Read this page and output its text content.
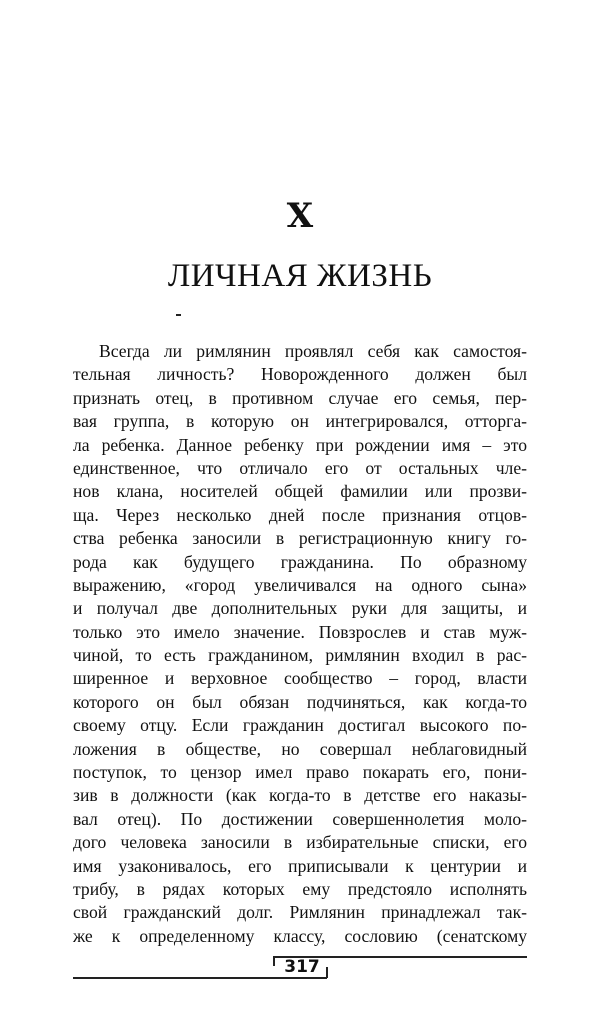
X
ЛИЧНАЯ ЖИЗНЬ
Всегда ли римлянин проявлял себя как самостоя-
тельная личность? Новорожденного должен был
признать отец, в противном случае его семья, пер-
вая группа, в которую он интегрировался, отторга-
ла ребенка. Данное ребенку при рождении имя – это
единственное, что отличало его от остальных чле-
нов клана, носителей общей фамилии или прозви-
ща. Через несколько дней после признания отцов-
ства ребенка заносили в регистрационную книгу го-
рода как будущего гражданина. По образному
выражению, «город увеличивался на одного сына»
и получал две дополнительных руки для защиты, и
только это имело значение. Повзрослев и став муж-
чиной, то есть гражданином, римлянин входил в рас-
ширенное и верховное сообщество – город, власти
которого он был обязан подчиняться, как когда-то
своему отцу. Если гражданин достигал высокого по-
ложения в обществе, но совершал неблаговидный
поступок, то цензор имел право покарать его, пони-
зив в должности (как когда-то в детстве его наказы-
вал отец). По достижении совершеннолетия моло-
дого человека заносили в избирательные списки, его
имя узаконивалось, его приписывали к центурии и
трибу, в рядах которых ему предстояло исполнять
свой гражданский долг. Римлянин принадлежал так-
же к определенному классу, сословию (сенатскому
317
